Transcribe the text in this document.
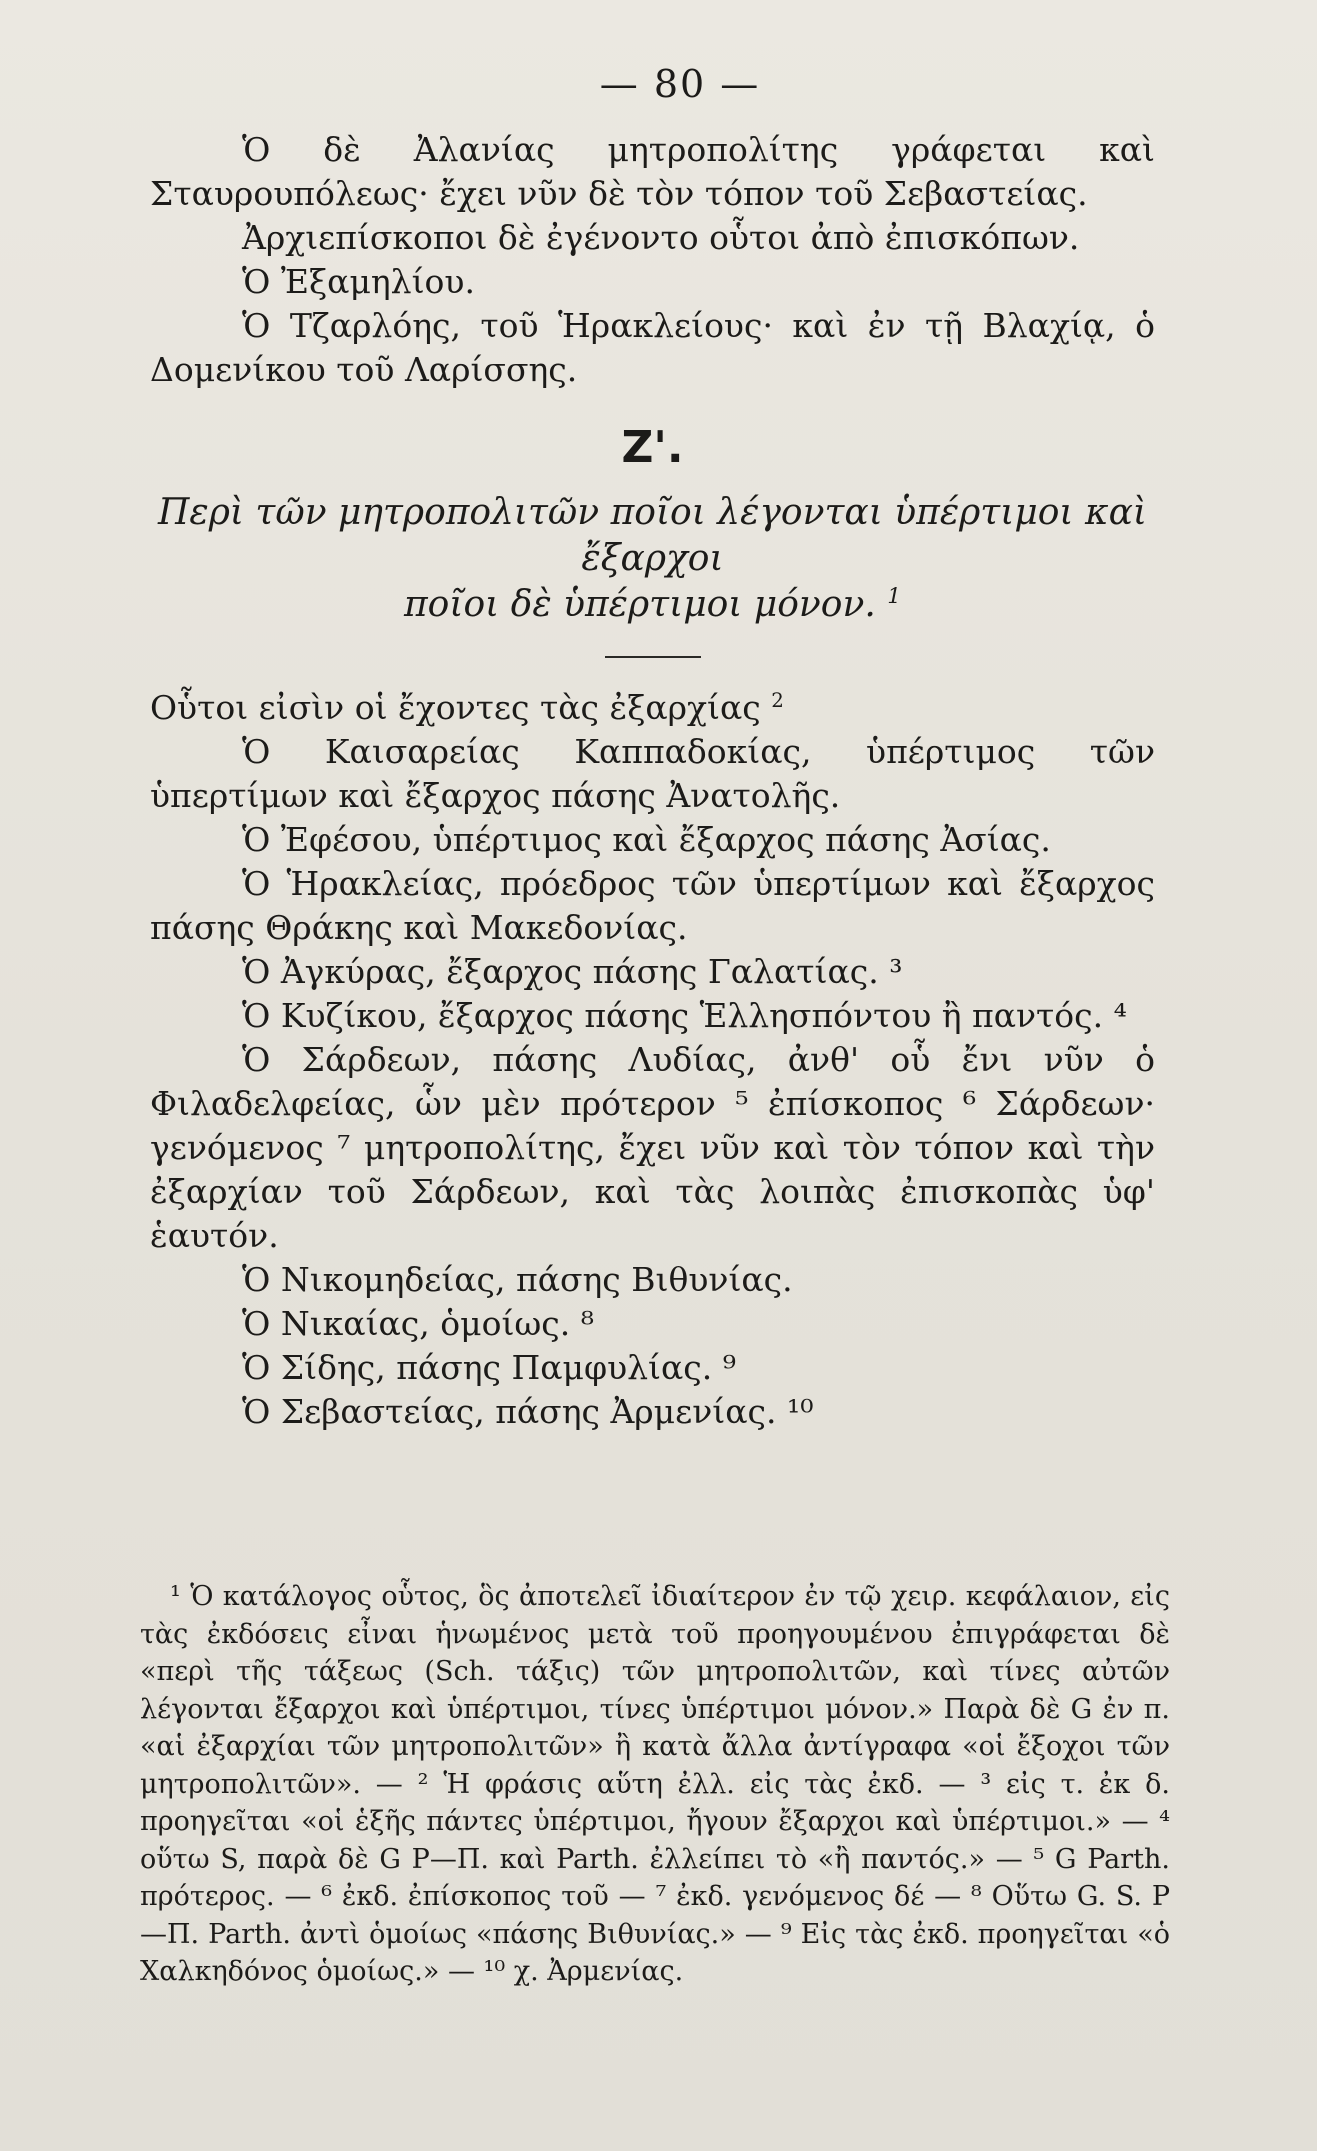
— 80 —

Ὁ δὲ Ἀλανίας μητροπολίτης γράφεται καὶ Σταυρουπόλεως· ἔχει νῦν δὲ τὸν τόπον τοῦ Σεβαστείας.

Ἀρχιεπίσκοποι δὲ ἐγένοντο οὗτοι ἀπὸ ἐπισκόπων.

Ὁ Ἐξαμηλίου.

Ὁ Τζαρλόης, τοῦ Ἡρακλείους· καὶ ἐν τῇ Βλαχίᾳ, ὁ Δομενίκου τοῦ Λαρίσσης.

Ζ'.
Περὶ τῶν μητροπολιτῶν ποῖοι λέγονται ὑπέρτιμοι καὶ ἔξαρχοι
ποῖοι δὲ ὑπέρτιμοι μόνον. $^1$

Οὗτοι εἰσὶν οἱ ἔχοντες τὰς ἐξαρχίας $^2$

Ὁ Καισαρείας Καππαδοκίας, ὑπέρτιμος τῶν ὑπερτίμων καὶ ἔξαρχος πάσης Ἀνατολῆς.

Ὁ Ἐφέσου, ὑπέρτιμος καὶ ἔξαρχος πάσης Ἀσίας.

Ὁ Ἡρακλείας, πρόεδρος τῶν ὑπερτίμων καὶ ἔξαρχος πάσης Θράκης καὶ Μακεδονίας.

Ὁ Ἀγκύρας, ἔξαρχος πάσης Γαλατίας. ³

Ὁ Κυζίκου, ἔξαρχος πάσης Ἑλλησπόντου ἢ παντός. ⁴

Ὁ Σάρδεων, πάσης Λυδίας, ἀνθ' οὗ ἔνι νῦν ὁ Φιλαδελφείας, ὧν μὲν πρότερον ⁵ ἐπίσκοπος ⁶ Σάρδεων· γενόμενος ⁷ μητροπολίτης, ἔχει νῦν καὶ τὸν τόπον καὶ τὴν ἐξαρχίαν τοῦ Σάρδεων, καὶ τὰς λοιπὰς ἐπισκοπὰς ὑφ' ἑαυτόν.

Ὁ Νικομηδείας, πάσης Βιθυνίας.

Ὁ Νικαίας, ὁμοίως. ⁸

Ὁ Σίδης, πάσης Παμφυλίας. ⁹

Ὁ Σεβαστείας, πάσης Ἀρμενίας. ¹⁰

¹ Ὁ κατάλογος οὗτος, ὃς ἀποτελεῖ ἰδιαίτερον ἐν τῷ χειρ. κεφάλαιον, εἰς τὰς ἐκδόσεις εἶναι ἡνωμένος μετὰ τοῦ προηγουμένου ἐπιγράφεται δὲ «περὶ τῆς τάξεως (Sch. τάξις) τῶν μητροπολιτῶν, καὶ τίνες αὐτῶν λέγονται ἔξαρχοι καὶ ὑπέρτιμοι, τίνες ὑπέρτιμοι μόνον.» Παρὰ δὲ G ἐν π. «αἱ ἐξαρχίαι τῶν μητροπολιτῶν» ἢ κατὰ ἄλλα ἀντίγραφα «οἱ ἔξοχοι τῶν μητροπολιτῶν». — ² Ἡ φράσις αὕτη ἐλλ. εἰς τὰς ἐκδ. — ³ εἰς τ. ἐκ δ. προηγεῖται «οἱ ἑξῆς πάντες ὑπέρτιμοι, ἤγουν ἔξαρχοι καὶ ὑπέρτιμοι.» — ⁴ οὕτω S, παρὰ δὲ G P—Π. καὶ Parth. ἐλλείπει τὸ «ἢ παντός.» — ⁵ G Parth. πρότερος. — ⁶ ἐκδ. ἐπίσκοπος τοῦ — ⁷ ἐκδ. γενόμενος δέ — ⁸ Οὕτω G. S. P—Π. Parth. ἀντὶ ὁμοίως «πάσης Βιθυνίας.» — ⁹ Εἰς τὰς ἐκδ. προηγεῖται «ὁ Χαλκηδόνος ὁμοίως.» — ¹⁰ χ. Ἀρμενίας.
